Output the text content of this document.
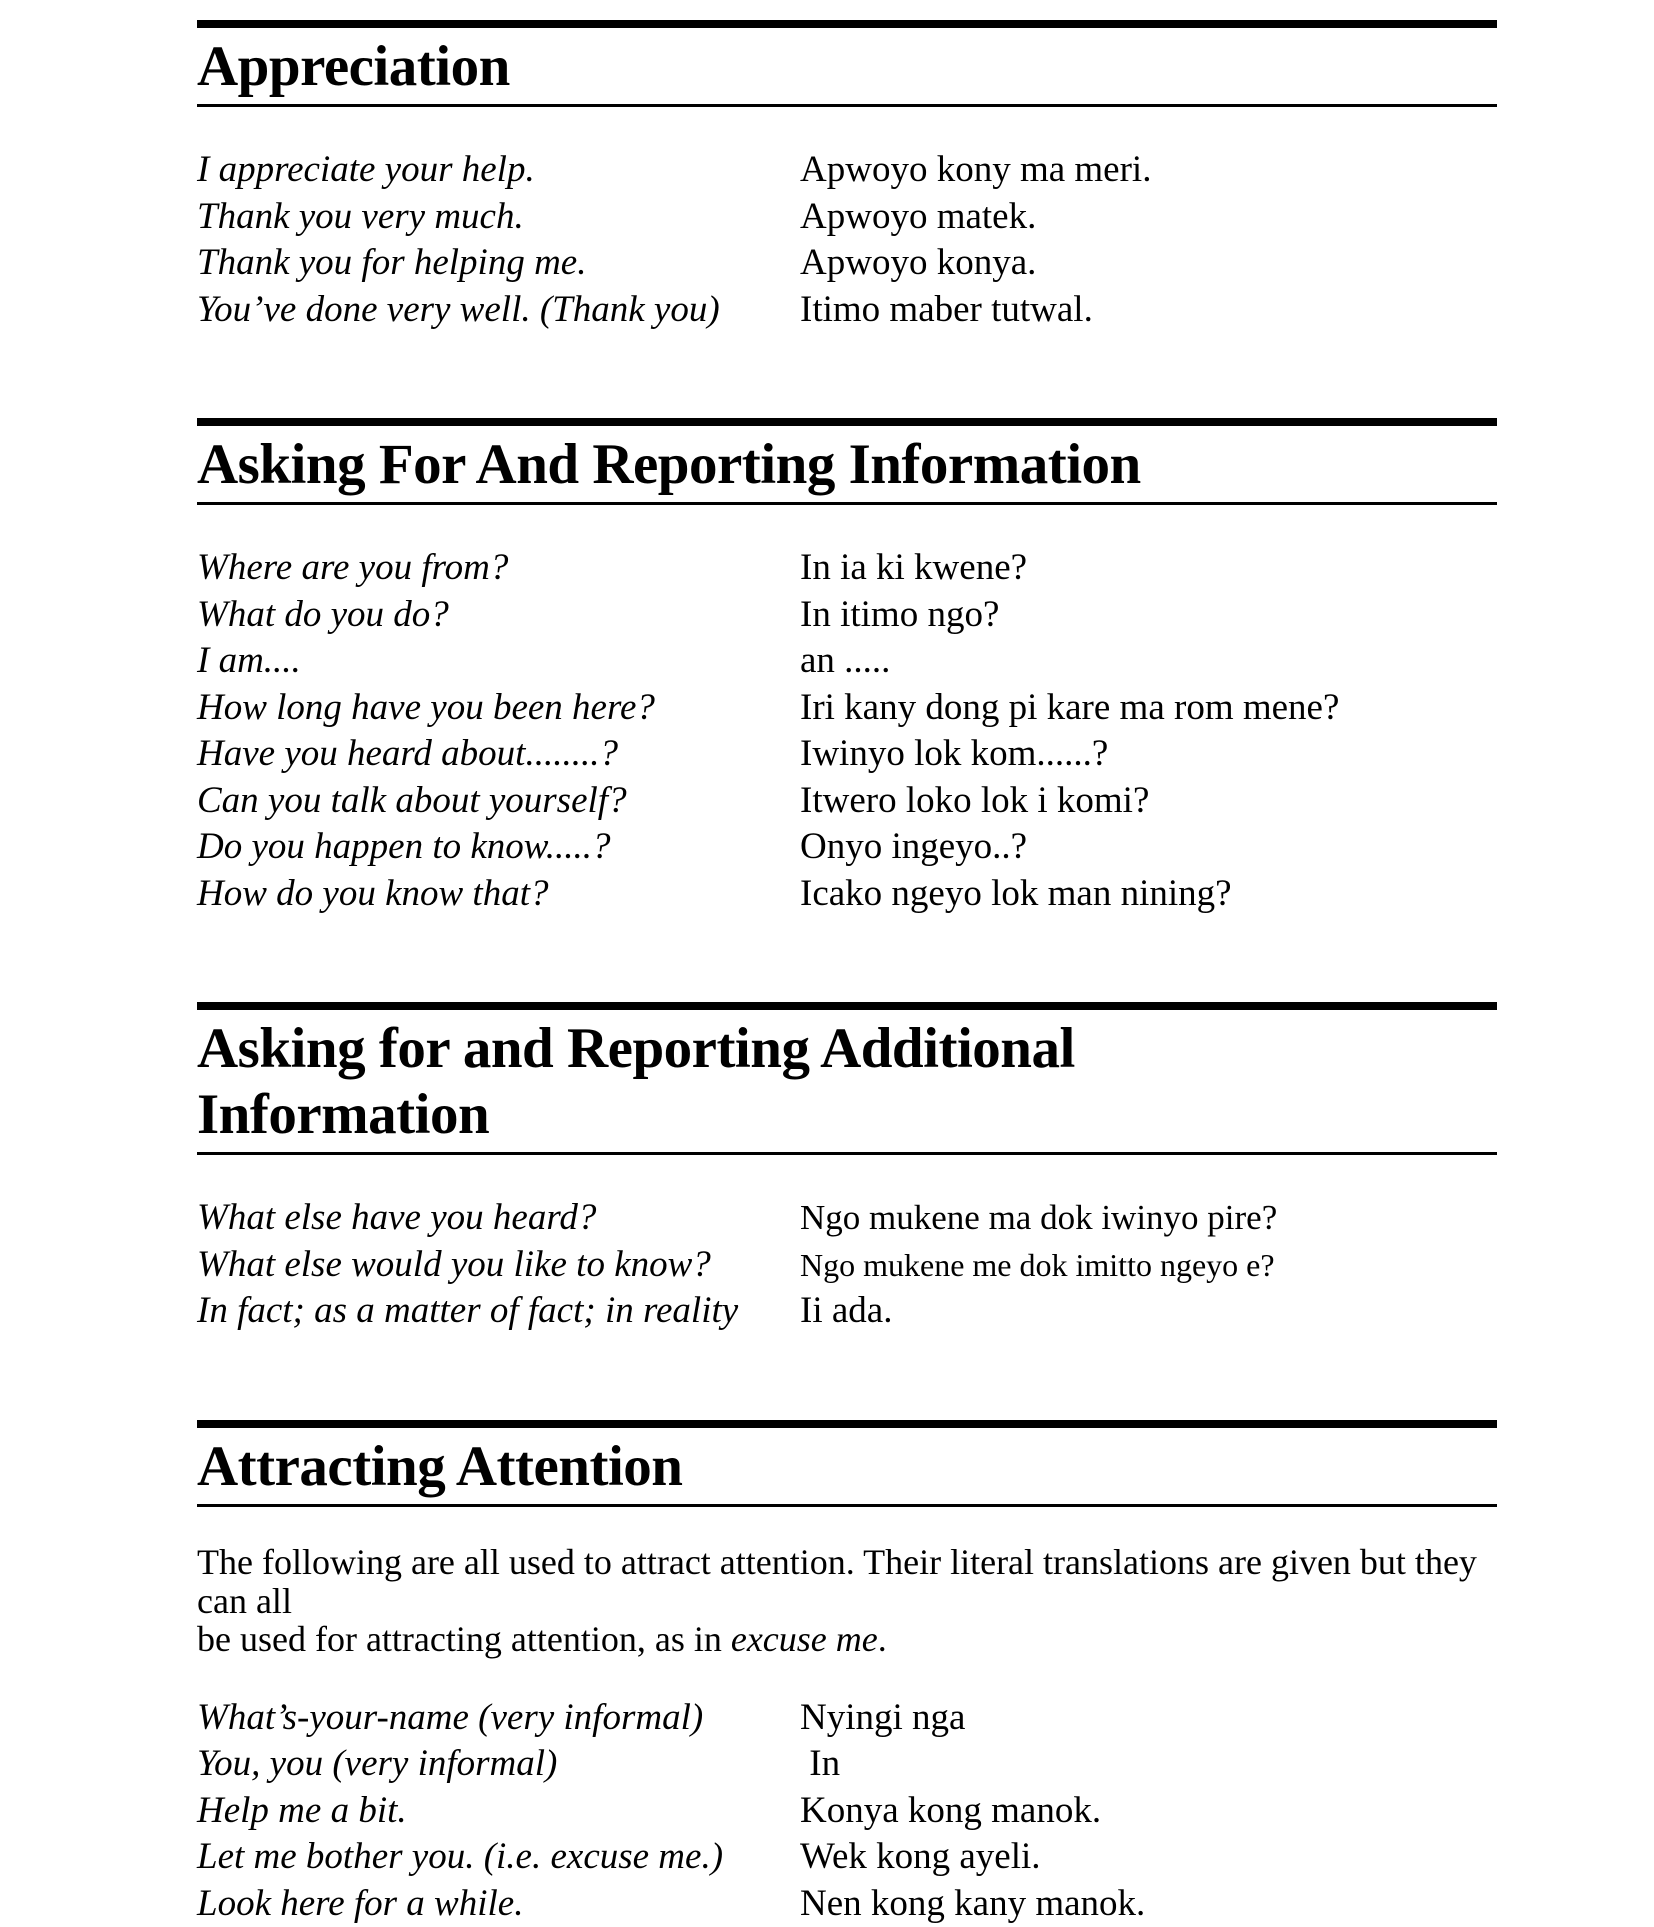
Appreciation
I appreciate your help.	Apwoyo kony ma meri.
Thank you very much.	Apwoyo matek.
Thank you for helping me.	Apwoyo konya.
You’ve done very well. (Thank you)	Itimo maber tutwal.
Asking For And Reporting Information
Where are you from?	In ia ki kwene?
What do you do?	In itimo ngo?
I am....	an .....
How long have you been here?	Iri kany dong pi kare ma rom mene?
Have you heard about........?	Iwinyo lok kom......?
Can you talk about yourself?	Itwero loko lok i komi?
Do you happen to know.....?	Onyo ingeyo..?
How do you know that?	Icako ngeyo lok man nining?
Asking for and Reporting Additional Information
What else have you heard?	Ngo mukene ma dok iwinyo pire?
What else would you like to know?	Ngo mukene me dok imitto ngeyo e?
In fact; as a matter of fact; in reality	Ii ada.
Attracting Attention

The following are all used to attract attention. Their literal translations are given but they can all
be used for attracting attention, as in excuse me.

What’s-your-name (very informal)	Nyingi nga
You, you (very informal)	In
Help me a bit.	Konya kong manok.
Let me bother you. (i.e. excuse me.)	Wek kong ayeli.
Look here for a while.	Nen kong kany manok.
